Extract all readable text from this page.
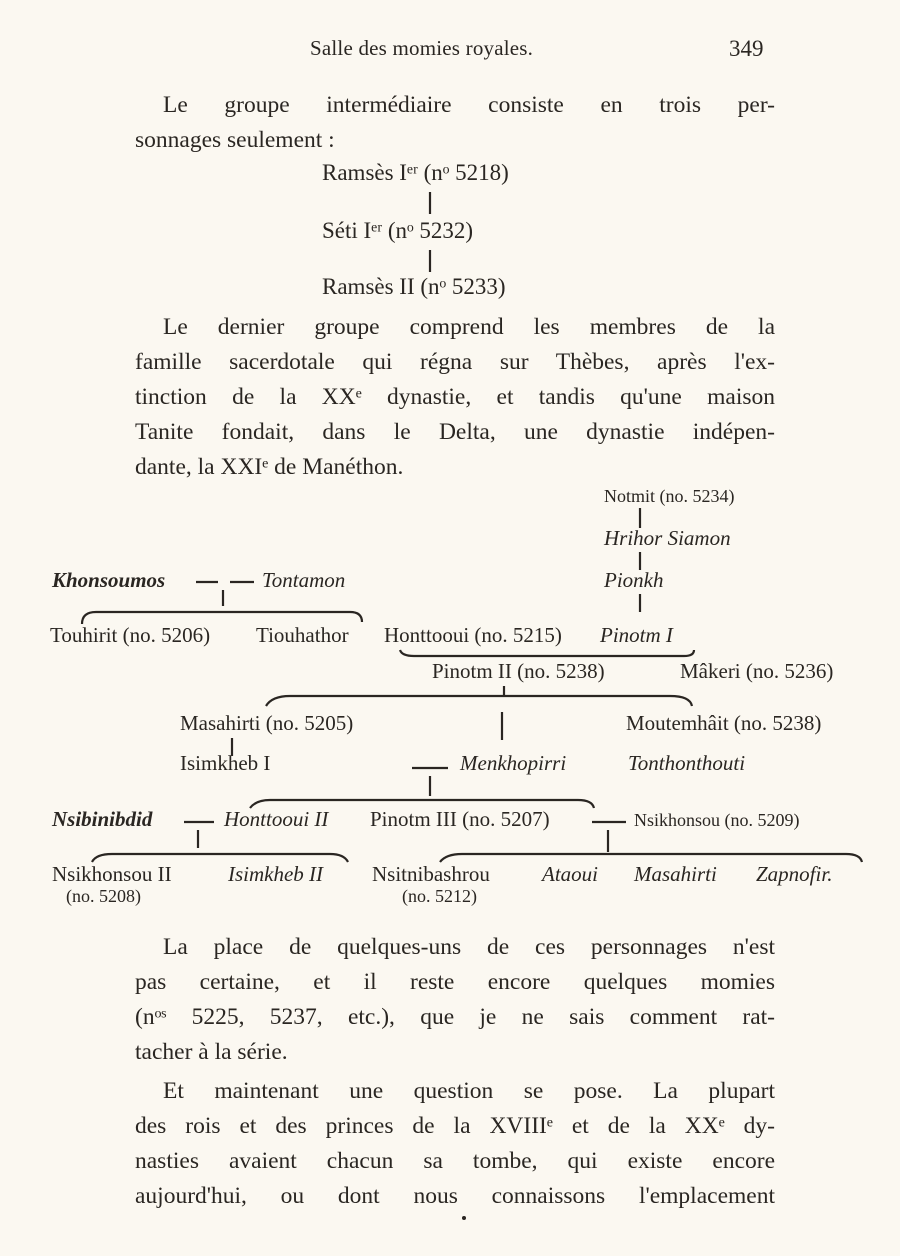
Salle des momies royales.	349
Le groupe intermédiaire consiste en trois per-
sonnages seulement :
Ramsès Iᵉʳ (nᵒ 5218)
Séti Iᵉʳ (nᵒ 5232)
Ramsès II (nᵒ 5233)
Le dernier groupe comprend les membres de la
famille sacerdotale qui régna sur Thèbes, après l'ex-
tinction de la XXᵉ dynastie, et tandis qu'une maison
Tanite fondait, dans le Delta, une dynastie indépen-
dante, la XXIᵉ de Manéthon.
Notmit (no. 5234)
Hrihor Siamon
Pionkh
Khonsoumos	Tontamon
Touhirit (no. 5206) Tiouhathor Honttooui (no. 5215) Pinotm I
Pinotm II (no. 5238)	Mâkeri (no. 5236)
Masahirti (no. 5205)	Moutemhâit (no. 5238)
Isimkheb I	Menkhopirri	Tonthonthouti
Nsibinibdid	Honttooui II Pinotm III (no. 5207)	Nsikhonsou (no. 5209)
Nsikhonsou II
(no. 5208)
Isimkheb II Nsitnibashrou
(no. 5212)
Ataoui Masahirti Zapnofir.
La place de quelques-uns de ces personnages n'est
pas certaine, et il reste encore quelques momies
(nᵒˢ 5225, 5237, etc.), que je ne sais comment rat-
tacher à la série.
Et maintenant une question se pose. La plupart
des rois et des princes de la XVIIIᵉ et de la XXᵉ dy-
nasties avaient chacun sa tombe, qui existe encore
aujourd'hui, ou dont nous connaissons l'emplacement
